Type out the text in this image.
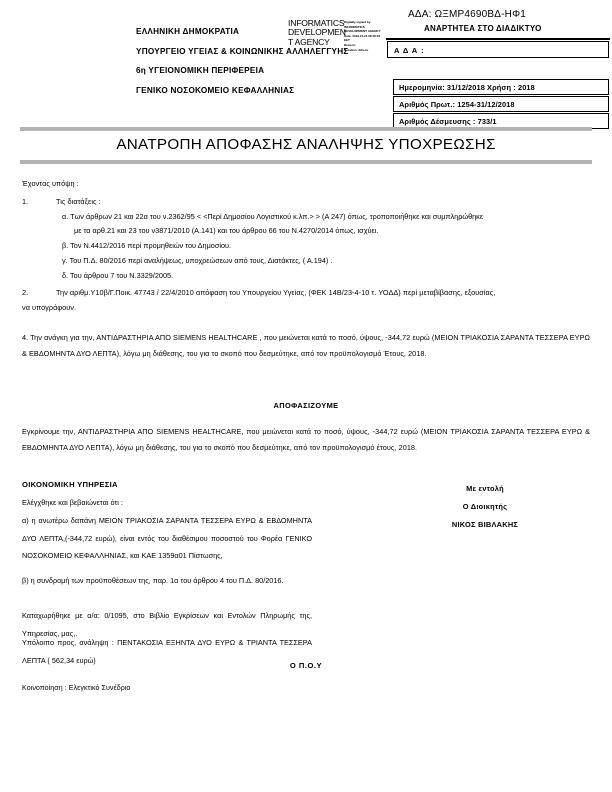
ΕΛΛΗΝΙΚΗ ΔΗΜΟΚΡΑΤΙΑ
ΥΠΟΥΡΓΕΙΟ ΥΓΕΙΑΣ & ΚΟΙΝΩΝΙΚΗΣ ΑΛΛΗΛΕΓΓΥΗΣ
6η ΥΓΕΙΟΝΟΜΙΚΗ ΠΕΡΙΦΕΡΕΙΑ
ΓΕΝΙΚΟ ΝΟΣΟΚΟΜΕΙΟ ΚΕΦΑΛΛΗΝΙΑΣ
INFORMATICS
DEVELOPMEN
T AGENCY
Digitally signed by
INFORMATICS
DEVELOPMENT AGENCY
Date: 2019.01.21 08:48:23
EET
Reason:
Location: Athens
ΑΔΑ: ΩΞΜΡ4690ΒΔ-ΗΦ1
ΑΝΑΡΤΗΤΕΑ ΣΤΟ ΔΙΑΔΙΚΤΥΟ
Α Δ Α :
Ημερομηνία: 31/12/2018 Χρήση : 2018
Αριθμός Πρωτ.: 1254-31/12/2018
Αριθμός Δέσμευσης : 733/1
ΑΝΑΤΡΟΠΗ ΑΠΟΦΑΣΗΣ ΑΝΑΛΗΨΗΣ ΥΠΟΧΡΕΩΣΗΣ
Έχοντας υπόψη :
1.	Τις διατάξεις :
α. Των άρθρων 21 και 22α του ν.2362/95 < <Περί Δημοσίου Λογιστικού κ.λπ.> > (Α 247) όπως, τροποποιήθηκε και συμπληρώθηκε
με τα αρθ.21 και 23 του ν3871/2010 (Α.141) και του άρθρου 66 του Ν.4270/2014 όπως, ισχύει.
β. Τον Ν.4412/2016 περί προμηθειών του Δημοσίου.
γ. Του Π.Δ. 80/2016 περί αναλήψεως, υποχρεώσεων από τους, Διατάκτες, ( Α.194) .
δ. Του άρθρου 7 του Ν.3329/2005.
2.	Την αριθμ.Υ10β/Γ.Ποικ. 47743 / 22/4/2010 απόφαση του Υπουργείου Υγείας, (ΦΕΚ 14Β/23-4-10 τ. ΥΟΔΔ) περί μεταβίβασης, εξουσίας,
να υπογράφουν.
4. Την ανάγκη για την, ΑΝΤΙΔΡΑΣΤΗΡΙΑ ΑΠΟ SIEMENS HEALTHCARE , που μειώνεται κατά το ποσό, ύψους, -344,72 ευρώ (ΜΕΙΟΝ ΤΡΙΑΚΟΣΙΑ ΣΑΡΑΝΤΑ ΤΕΣΣΕΡΑ ΕΥΡΩ & ΕΒΔΟΜΗΝΤΑ ΔΥΟ ΛΕΠΤΑ), λόγω μη διάθεσης, του για το σκοπό που δεσμεύτηκε, από τον προϋπολογισμό Έτους, 2018.
ΑΠΟΦΑΣΙΖΟΥΜΕ
Εγκρίνουμε την, ΑΝΤΙΔΡΑΣΤΗΡΙΑ ΑΠΟ SIEMENS HEALTHCARE, που μειώνεται κατά το ποσό, ύψους, -344,72 ευρώ (ΜΕΙΟΝ ΤΡΙΑΚΟΣΙΑ ΣΑΡΑΝΤΑ ΤΕΣΣΕΡΑ ΕΥΡΩ & ΕΒΔΟΜΗΝΤΑ ΔΥΟ ΛΕΠΤΑ), λόγω μη διάθεσης, του για το σκοπό που δεσμεύτηκε, από τον προϋπολογισμό έτους, 2018.
ΟΙΚΟΝΟΜΙΚΗ ΥΠΗΡΕΣΙΑ
Ελέγχθηκε και βεβαιώνεται ότι :
α) η ανωτέρω δαπάνη ΜΕΙΟΝ ΤΡΙΑΚΟΣΙΑ ΣΑΡΑΝΤΑ ΤΕΣΣΕΡΑ ΕΥΡΩ & ΕΒΔΟΜΗΝΤΑ ΔΥΟ ΛΕΠΤΑ,(-344,72 ευρώ), είναι εντός του διαθέσιμου ποσοστού του Φορέα ΓΕΝΙΚΟ ΝΟΣΟΚΟΜΕΙΟ ΚΕΦΑΛΛΗΝΙΑΣ, και ΚΑΕ 1359α01 Πίστωσης,
β) η συνδρομή των προϋποθέσεων της, παρ. 1α του άρθρου 4 του Π.Δ. 80/2016.
Καταχωρήθηκε με α/α: 0/1095, στο Βιβλίο Εγκρίσεων και Εντολών Πληρωμής της, Υπηρεσίας, μας,.
Υπόλοιπο προς, ανάληψη : ΠΕΝΤΑΚΟΣΙΑ ΕΞΗΝΤΑ ΔΥΟ ΕΥΡΩ & ΤΡΙΑΝΤΑ ΤΕΣΣΕΡΑ ΛΕΠΤΑ ( 562,34 ευρώ)
Με εντολή
Ο Διοικητής
ΝΙΚΟΣ ΒΙΒΛΑΚΗΣ
Ο Π.Ο.Υ
Κοινοποίηση : Ελεγκτικό Συνέδριο
